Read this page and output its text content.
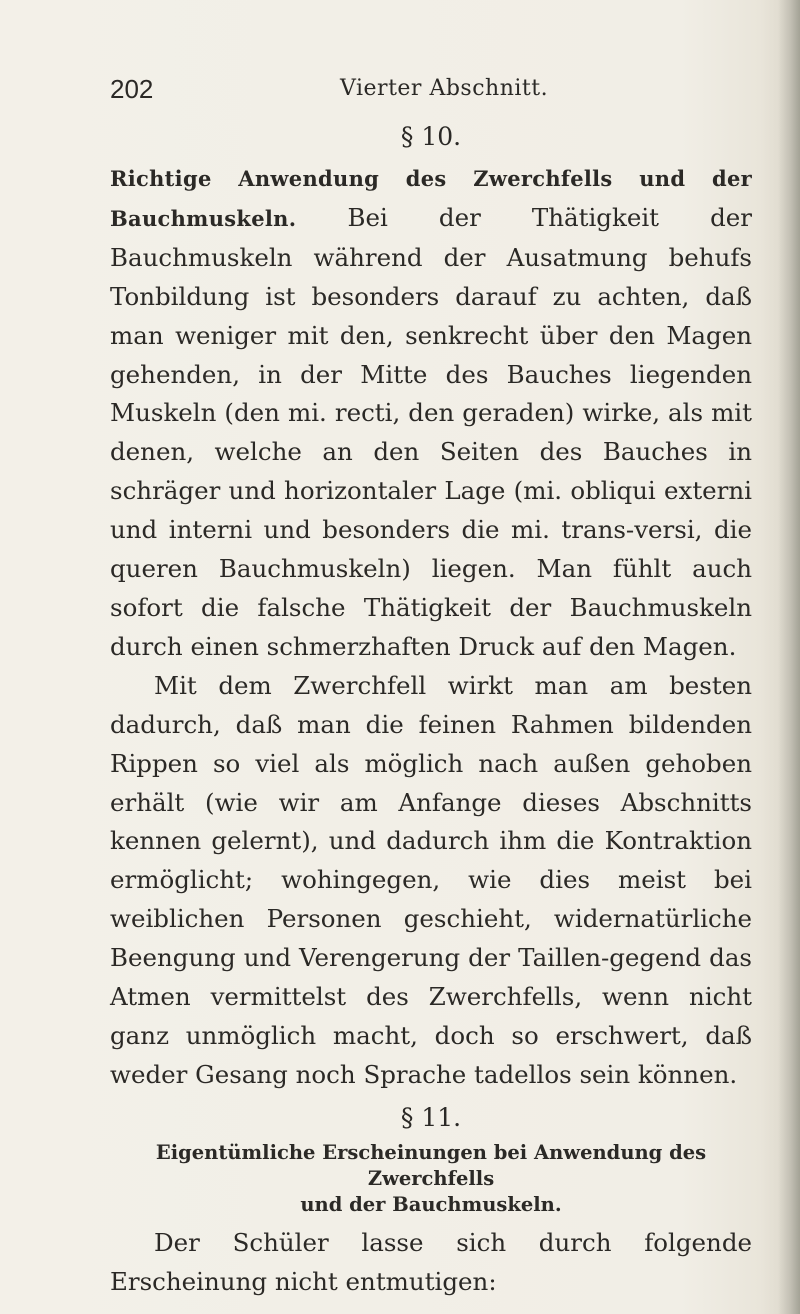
202	Vierter Abschnitt.
§ 10.

Richtige Anwendung des Zwerchfells und der Bauchmuskeln. Bei der Thätigkeit der Bauchmuskeln während der Ausatmung behufs Tonbildung ist besonders darauf zu achten, daß man weniger mit den, senkrecht über den Magen gehenden, in der Mitte des Bauches liegenden Muskeln (den mi. recti, den geraden) wirke, als mit denen, welche an den Seiten des Bauches in schräger und horizontaler Lage (mi. obliqui externi und interni und besonders die mi. trans-versi, die queren Bauchmuskeln) liegen. Man fühlt auch sofort die falsche Thätigkeit der Bauchmuskeln durch einen schmerzhaften Druck auf den Magen.

Mit dem Zwerchfell wirkt man am besten dadurch, daß man die feinen Rahmen bildenden Rippen so viel als möglich nach außen gehoben erhält (wie wir am Anfange dieses Abschnitts kennen gelernt), und dadurch ihm die Kontraktion ermöglicht; wohingegen, wie dies meist bei weiblichen Personen geschieht, widernatürliche Beengung und Verengerung der Taillen-gegend das Atmen vermittelst des Zwerchfells, wenn nicht ganz unmöglich macht, doch so erschwert, daß weder Gesang noch Sprache tadellos sein können.

§ 11.

Eigentümliche Erscheinungen bei Anwendung des Zwerchfells

und der Bauchmuskeln.

Der Schüler lasse sich durch folgende Erscheinung nicht entmutigen:
